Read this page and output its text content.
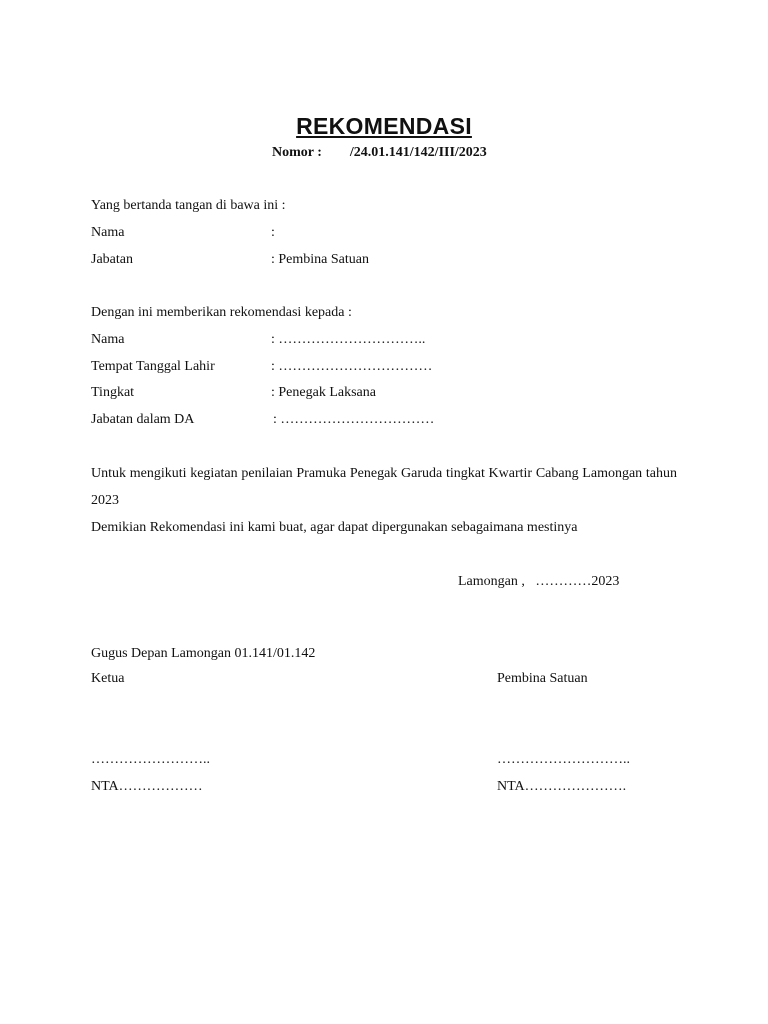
REKOMENDASI
Nomor : /24.01.141/142/III/2023
Yang bertanda tangan di bawa ini :
Nama	:
Jabatan	: Pembina Satuan
Dengan ini memberikan rekomendasi kepada :
Nama	: …………………………..
Tempat Tanggal Lahir	: ……………………………
Tingkat	: Penegak Laksana
Jabatan dalam DA	: ……………………………
Untuk mengikuti kegiatan penilaian Pramuka Penegak Garuda tingkat Kwartir Cabang Lamongan tahun 2023
Demikian Rekomendasi ini kami buat, agar dapat dipergunakan sebagaimana mestinya
Lamongan ,   …………2023
Gugus Depan Lamongan 01.141/01.142
Ketua	Pembina Satuan
……………………..	………………………..
NTA………………	NTA………………….
